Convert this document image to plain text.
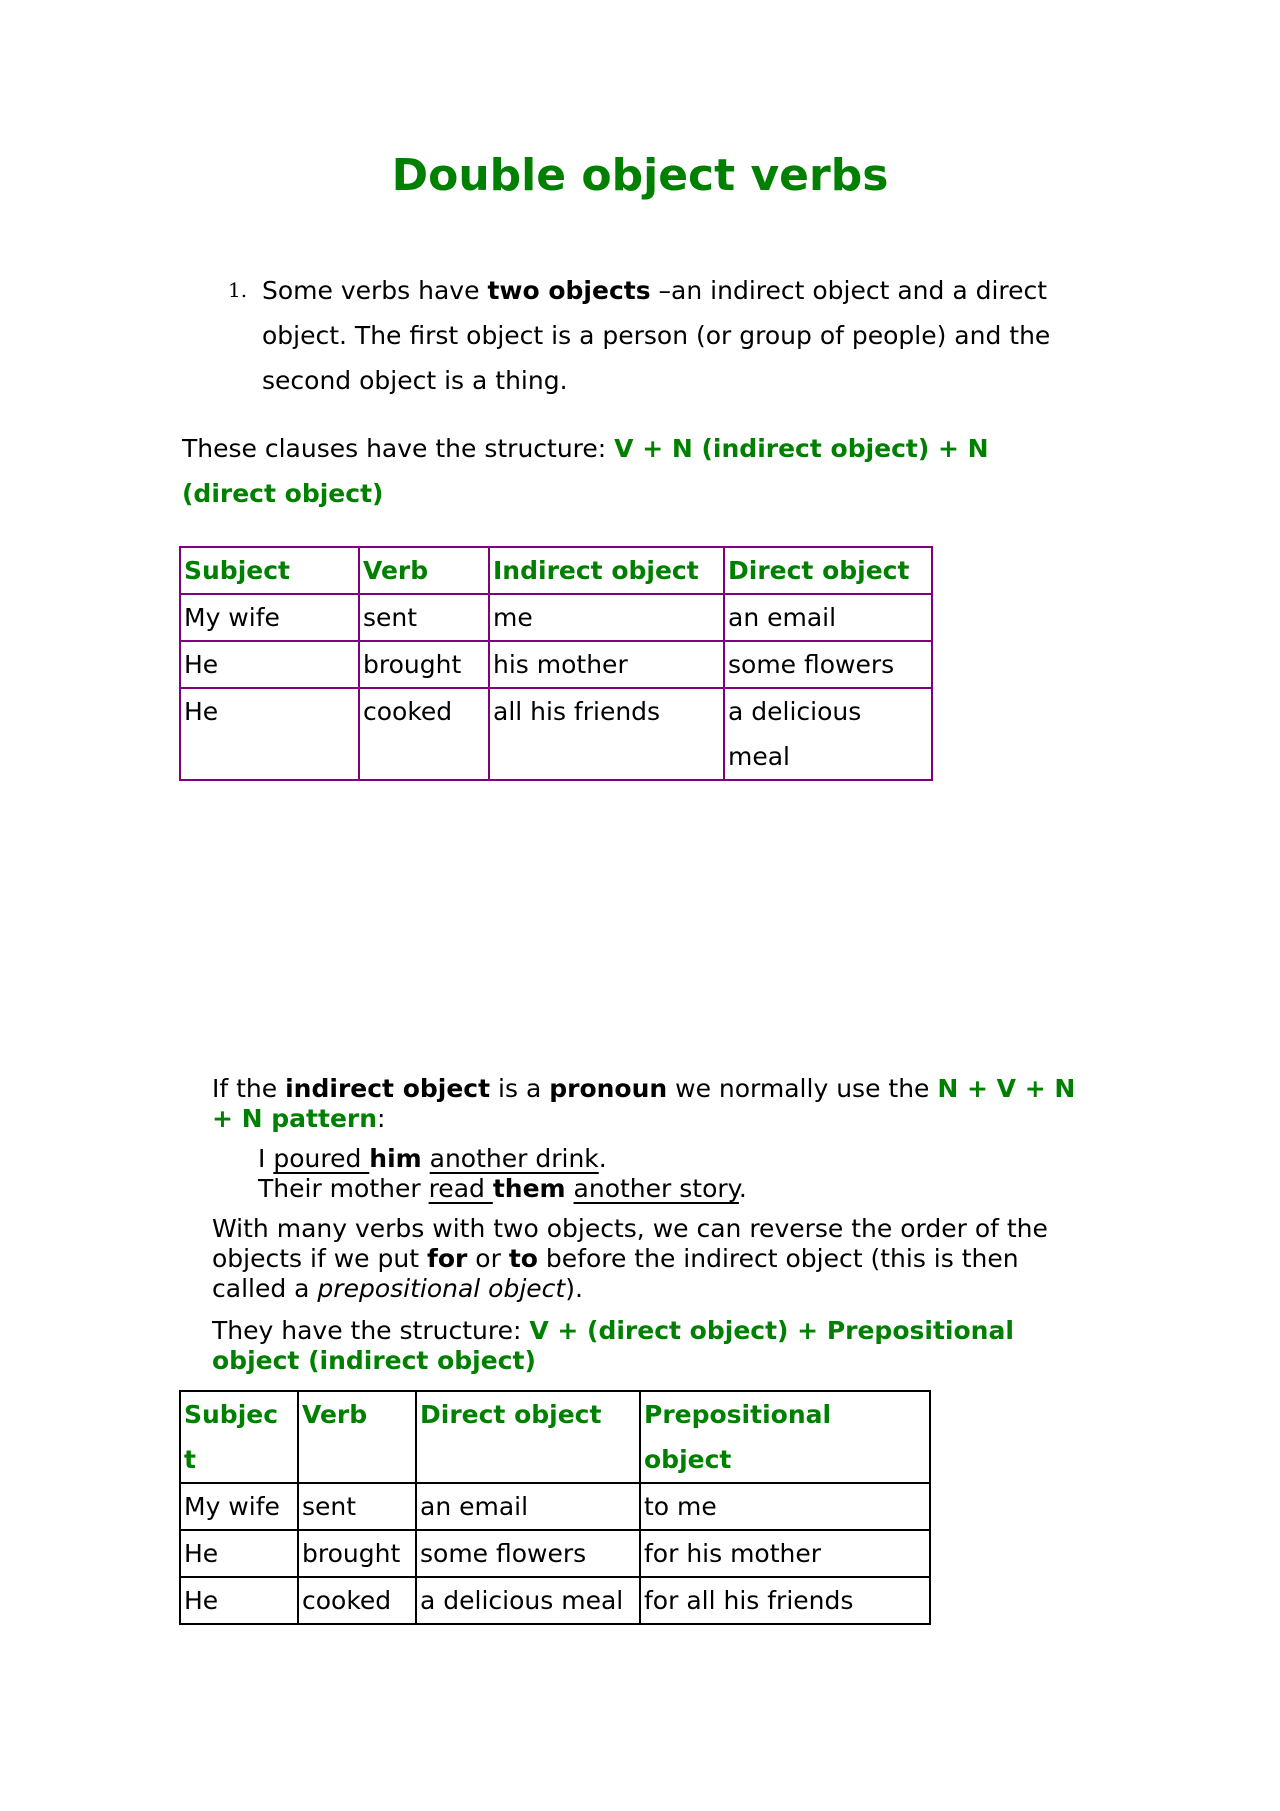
Double object verbs
1. Some verbs have two objects –an indirect object and a direct object. The first object is a person (or group of people) and the second object is a thing.
These clauses have the structure: V + N (indirect object) + N (direct object)
Subject	Verb	Indirect object	Direct object
My wife	sent	me	an email
He	brought	his mother	some flowers
He	cooked	all his friends	a delicious meal
If the indirect object is a pronoun we normally use the N + V + N + N pattern:
I poured him another drink.
Their mother read them another story.
With many verbs with two objects, we can reverse the order of the objects if we put for or to before the indirect object (this is then called a prepositional object).
They have the structure: V + (direct object) + Prepositional object (indirect object)
Subjec t	Verb	Direct object	Prepositional object
My wife	sent	an email	to me
He	brought	some flowers	for his mother
He	cooked	a delicious meal	for all his friends
